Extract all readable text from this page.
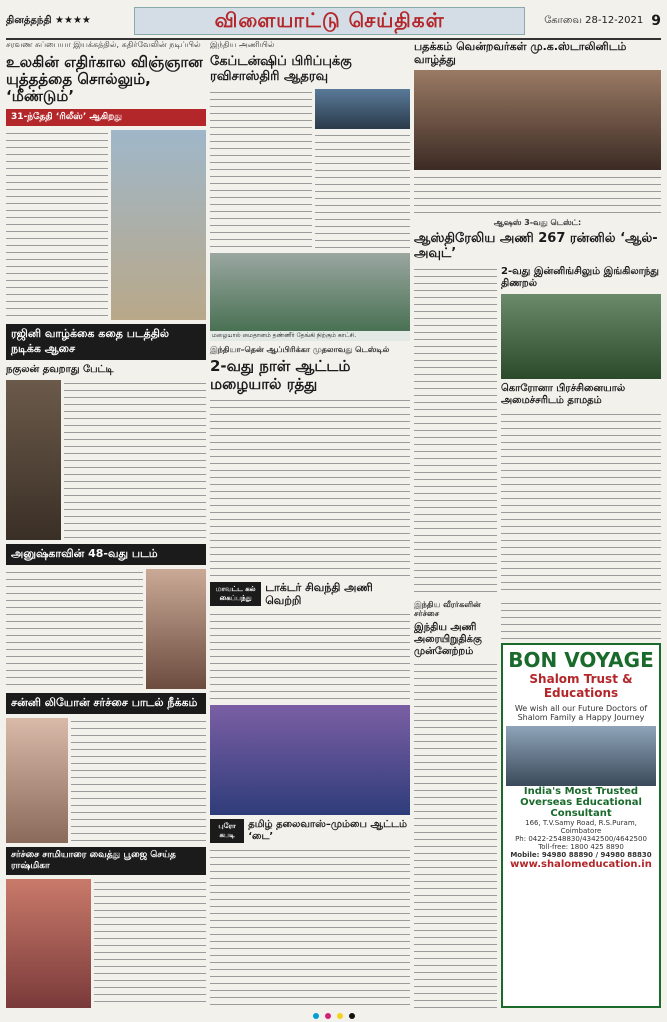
தினத்தந்தி ★★★★	விளையாட்டு செய்திகள்	கோவை 28-12-2021 9
சரவண சுப்பையா இயக்கத்தில், கதிர்வேலின் நடிப்பில்
உலகின் எதிர்கால விஞ்ஞான யுத்தத்தை சொல்லும், ‘மீண்டும்’
31-ந்தேதி ‘ரிலீஸ்’ ஆகிறது
ரஜினி வாழ்க்கை கதை படத்தில் நடிக்க ஆசை
நகுலன் தவறாது பேட்டி
அனுஷ்காவின் 48-வது படம்
சன்னி லியோன் சர்ச்சை பாடல் நீக்கம்
சர்ச்சை சாமியாரை வைத்து பூஜை செய்த ராஷ்மிகா
இந்திய அணியில்
கேப்டன்ஷிப் பிரிப்புக்கு ரவிசாஸ்திரி ஆதரவு
மழையால் மைதானம் தண்ணீர் தேங்கி நிற்கும் காட்சி.
இந்தியா–தென் ஆப்பிரிக்கா முதலாவது டெஸ்டில்
2-வது நாள் ஆட்டம் மழையால் ரத்து
மாவட்ட கல் கைப்பந்து
டாக்டர் சிவந்தி அணி வெற்றி
புரோ கபடி
தமிழ் தலைவாஸ்–மும்பை ஆட்டம் ‘டை’
பதக்கம் வென்றவர்கள் மு.க.ஸ்டாலினிடம் வாழ்த்து
ஆஷஸ் 3-வது டெஸ்ட்:
ஆஸ்திரேலிய அணி 267 ரன்னில் ‘ஆல்-அவுட்’
2-வது இன்னிங்சிலும் இங்கிலாந்து திணறல்
கொரோனா பிரச்சினையால் அமைச்சரிடம் தாமதம்
இந்திய வீரர்களின் சர்ச்சை
இந்திய அணி அரையிறுதிக்கு முன்னேற்றம்	BON VOYAGE
Shalom Trust & Educations
We wish all our Future Doctors of Shalom Family a Happy Journey
India's Most Trusted Overseas Educational Consultant
166, T.V.Samy Road, R.S.Puram, Coimbatore
Ph: 0422-2548830/4342500/4642500
Toll-free: 1800 425 8890
Mobile: 94980 88890 / 94980 88830
www.shalomeducation.in
